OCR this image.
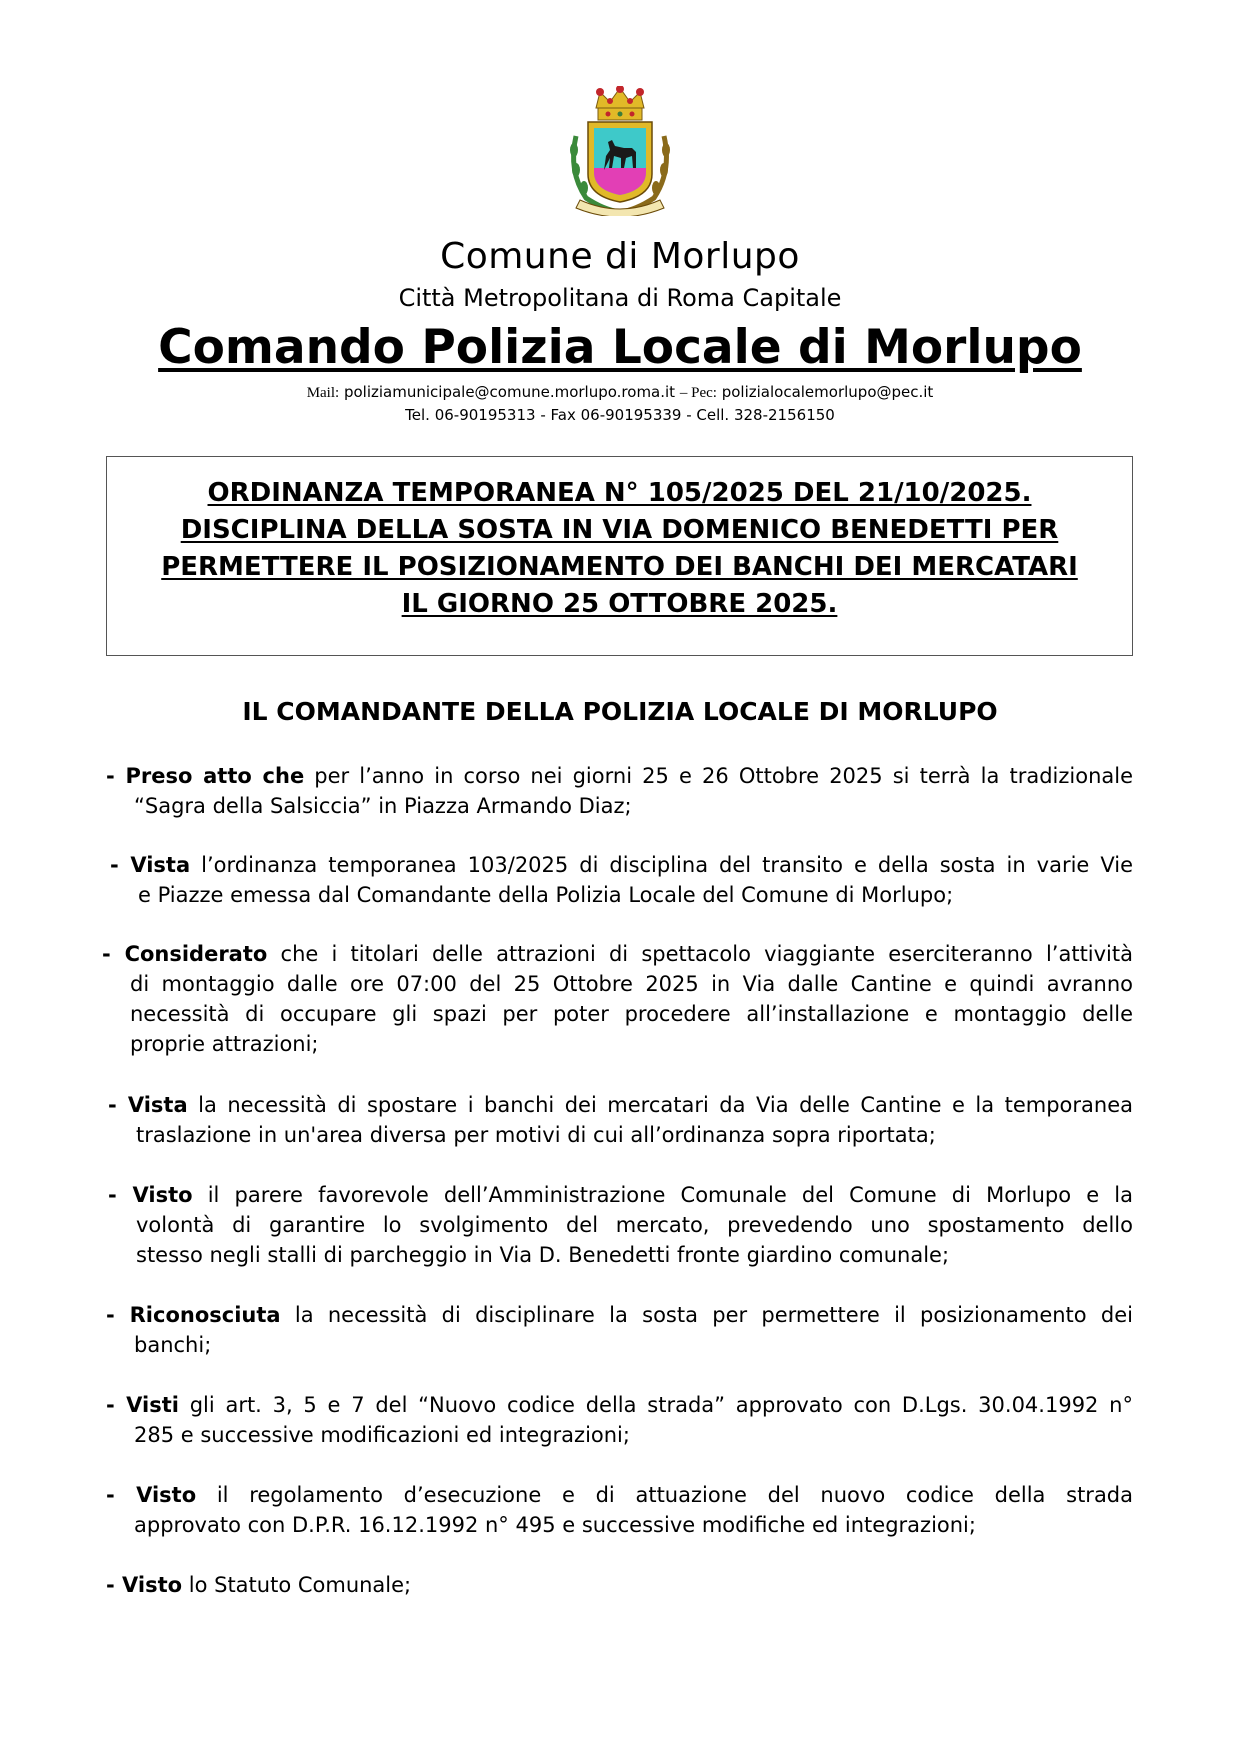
Comune di Morlupo
Città Metropolitana di Roma Capitale
Comando Polizia Locale di Morlupo
Mail: poliziamunicipale@comune.morlupo.roma.it – Pec: polizialocalemorlupo@pec.it
Tel. 06-90195313 - Fax 06-90195339 - Cell. 328-2156150
ORDINANZA TEMPORANEA N° 105/2025 DEL 21/10/2025.
DISCIPLINA DELLA SOSTA IN VIA DOMENICO BENEDETTI PER
PERMETTERE IL POSIZIONAMENTO DEI BANCHI DEI MERCATARI
IL GIORNO 25 OTTOBRE 2025.
IL COMANDANTE DELLA POLIZIA LOCALE DI MORLUPO
- Preso atto che per l’anno in corso nei giorni 25 e 26 Ottobre 2025 si terrà la tradizionale
“Sagra della Salsiccia” in Piazza Armando Diaz;
- Vista l’ordinanza temporanea 103/2025 di disciplina del transito e della sosta in varie Vie
e Piazze emessa dal Comandante della Polizia Locale del Comune di Morlupo;
- Considerato che i titolari delle attrazioni di spettacolo viaggiante eserciteranno l’attività
di montaggio dalle ore 07:00 del 25 Ottobre 2025 in Via dalle Cantine e quindi avranno
necessità di occupare gli spazi per poter procedere all’installazione e montaggio delle
proprie attrazioni;
- Vista la necessità di spostare i banchi dei mercatari da Via delle Cantine e la temporanea
traslazione in un'area diversa per motivi di cui all’ordinanza sopra riportata;
- Visto il parere favorevole dell’Amministrazione Comunale del Comune di Morlupo e la
volontà di garantire lo svolgimento del mercato, prevedendo uno spostamento dello
stesso negli stalli di parcheggio in Via D. Benedetti fronte giardino comunale;
- Riconosciuta la necessità di disciplinare la sosta per permettere il posizionamento dei
banchi;
- Visti gli art. 3, 5 e 7 del “Nuovo codice della strada” approvato con D.Lgs. 30.04.1992 n°
285 e successive modificazioni ed integrazioni;
- Visto il regolamento d’esecuzione e di attuazione del nuovo codice della strada
approvato con D.P.R. 16.12.1992 n° 495 e successive modifiche ed integrazioni;
- Visto lo Statuto Comunale;
